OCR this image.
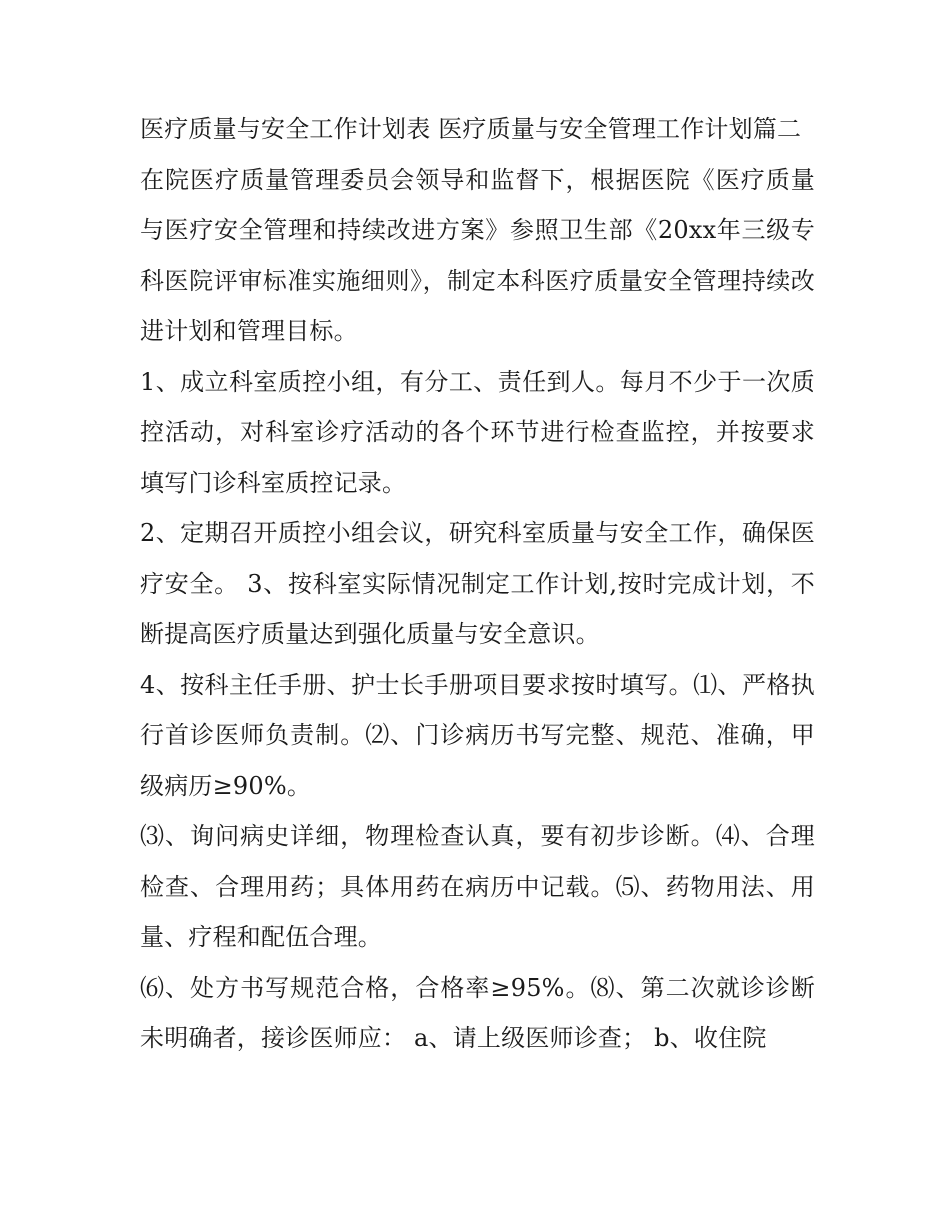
医疗质量与安全工作计划表 医疗质量与安全管理工作计划篇二

在院医疗质量管理委员会领导和监督下，根据医院《医疗质量与医疗安全管理和持续改进方案》参照卫生部《20xx年三级专科医院评审标准实施细则》，制定本科医疗质量安全管理持续改进计划和管理目标。

1、成立科室质控小组，有分工、责任到人。每月不少于一次质控活动，对科室诊疗活动的各个环节进行检查监控，并按要求填写门诊科室质控记录。

2、定期召开质控小组会议，研究科室质量与安全工作，确保医疗安全。 3、按科室实际情况制定工作计划,按时完成计划，不断提高医疗质量达到强化质量与安全意识。

4、按科主任手册、护士长手册项目要求按时填写。⑴、严格执行首诊医师负责制。⑵、门诊病历书写完整、规范、准确，甲级病历≥90%。

⑶、询问病史详细，物理检查认真，要有初步诊断。⑷、合理检查、合理用药；具体用药在病历中记载。⑸、药物用法、用量、疗程和配伍合理。

⑹、处方书写规范合格，合格率≥95%。⑻、第二次就诊诊断未明确者，接诊医师应： a、请上级医师诊查； b、收住院
